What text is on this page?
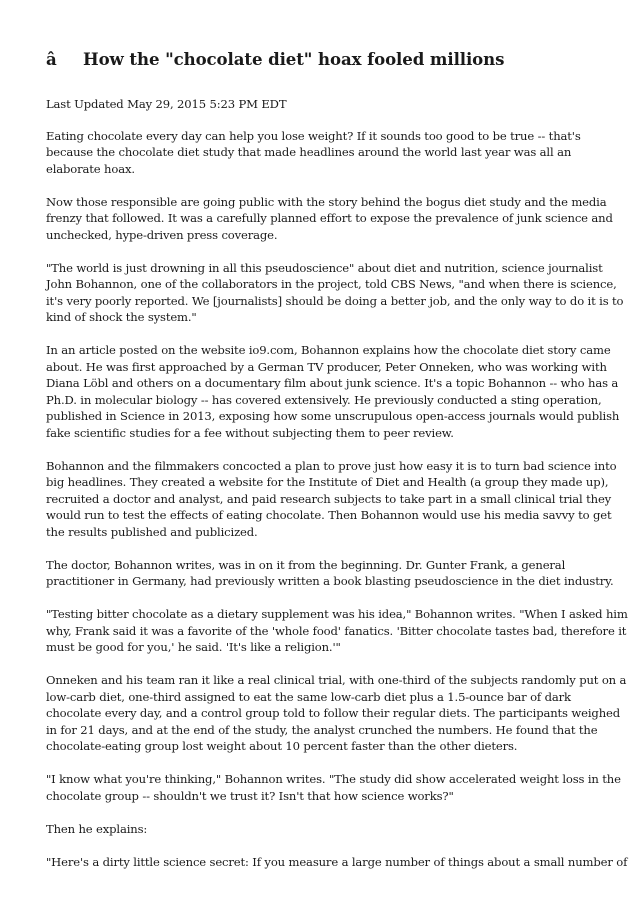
âHow the "chocolate diet" hoax fooled millions

Last Updated May 29, 2015 5:23 PM EDT

Eating chocolate every day can help you lose weight? If it sounds too good to be true -- that's
because the chocolate diet study that made headlines around the world last year was all an
elaborate hoax.

Now those responsible are going public with the story behind the bogus diet study and the media
frenzy that followed. It was a carefully planned effort to expose the prevalence of junk science and
unchecked, hype-driven press coverage.

"The world is just drowning in all this pseudoscience" about diet and nutrition, science journalist
John Bohannon, one of the collaborators in the project, told CBS News, "and when there is science,
it's very poorly reported. We [journalists] should be doing a better job, and the only way to do it is to
kind of shock the system."

In an article posted on the website io9.com, Bohannon explains how the chocolate diet story came
about. He was first approached by a German TV producer, Peter Onneken, who was working with
Diana Löbl and others on a documentary film about junk science. It's a topic Bohannon -- who has a
Ph.D. in molecular biology -- has covered extensively. He previously conducted a sting operation,
published in Science in 2013, exposing how some unscrupulous open-access journals would publish
fake scientific studies for a fee without subjecting them to peer review.

Bohannon and the filmmakers concocted a plan to prove just how easy it is to turn bad science into
big headlines. They created a website for the Institute of Diet and Health (a group they made up),
recruited a doctor and analyst, and paid research subjects to take part in a small clinical trial they
would run to test the effects of eating chocolate. Then Bohannon would use his media savvy to get
the results published and publicized.

The doctor, Bohannon writes, was in on it from the beginning. Dr. Gunter Frank, a general
practitioner in Germany, had previously written a book blasting pseudoscience in the diet industry.

"Testing bitter chocolate as a dietary supplement was his idea," Bohannon writes. "When I asked him
why, Frank said it was a favorite of the 'whole food' fanatics. 'Bitter chocolate tastes bad, therefore it
must be good for you,' he said. 'It's like a religion.'"

Onneken and his team ran it like a real clinical trial, with one-third of the subjects randomly put on a
low-carb diet, one-third assigned to eat the same low-carb diet plus a 1.5-ounce bar of dark
chocolate every day, and a control group told to follow their regular diets. The participants weighed
in for 21 days, and at the end of the study, the analyst crunched the numbers. He found that the
chocolate-eating group lost weight about 10 percent faster than the other dieters.

"I know what you're thinking," Bohannon writes. "The study did show accelerated weight loss in the
chocolate group -- shouldn't we trust it? Isn't that how science works?"

Then he explains:

"Here's a dirty little science secret: If you measure a large number of things about a small number of
